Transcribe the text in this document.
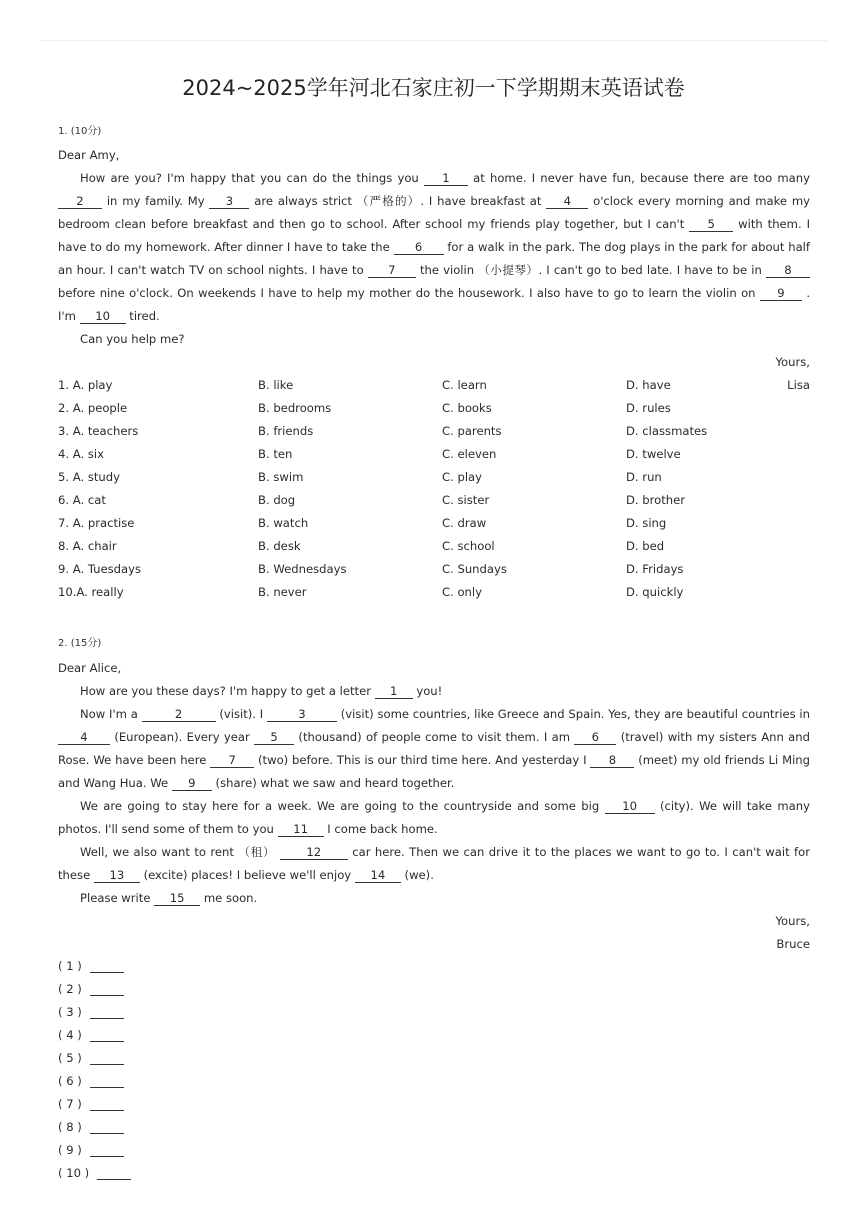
2024~2025学年河北石家庄初一下学期期末英语试卷
1. (10分)

Dear Amy,

How are you? I'm happy that you can do the things you 1 at home. I never have fun, because there are too many 2 in my family. My 3 are always strict （严格的）. I have breakfast at 4 o'clock every morning and make my bedroom clean before breakfast and then go to school. After school my friends play together, but I can't 5 with them. I have to do my homework. After dinner I have to take the 6 for a walk in the park. The dog plays in the park for about half an hour. I can't watch TV on school nights. I have to 7 the violin （小提琴）. I can't go to bed late. I have to be in 8 before nine o'clock. On weekends I have to help my mother do the housework. I also have to go to learn the violin on 9 . I'm 10 tired.

Can you help me?

Yours,

Lisa

1. A. play	B. like	C. learn	D. have
2. A. people	B. bedrooms	C. books	D. rules
3. A. teachers	B. friends	C. parents	D. classmates
4. A. six	B. ten	C. eleven	D. twelve
5. A. study	B. swim	C. play	D. run
6. A. cat	B. dog	C. sister	D. brother
7. A. practise	B. watch	C. draw	D. sing
8. A. chair	B. desk	C. school	D. bed
9. A. Tuesdays	B. Wednesdays	C. Sundays	D. Fridays
10.A. really	B. never	C. only	D. quickly
2. (15分)

Dear Alice,

How are you these days? I'm happy to get a letter 1 you!

Now I'm a	2	(visit). I	3	(visit) some countries, like Greece and Spain. Yes, they are beautiful countries in 4 (European). Every year 5 (thousand) of people come to visit them. I am 6 (travel) with my sisters Ann and Rose. We have been here 7 (two) before. This is our third time here. And yesterday I 8 (meet) my old friends Li Ming and Wang Hua. We 9 (share) what we saw and heard together.

We are going to stay here for a week. We are going to the countryside and some big 10 (city). We will take many photos. I'll send some of them to you 11 I come back home.

Well, we also want to rent （租） 12 car here. Then we can drive it to the places we want to go to. I can't wait for these 13 (excite) places! I believe we'll enjoy 14 (we).

Please write 15 me soon.

Yours,

Bruce

( 1 )
( 2 )
( 3 )
( 4 )
( 5 )
( 6 )
( 7 )
( 8 )
( 9 )
( 10 )
